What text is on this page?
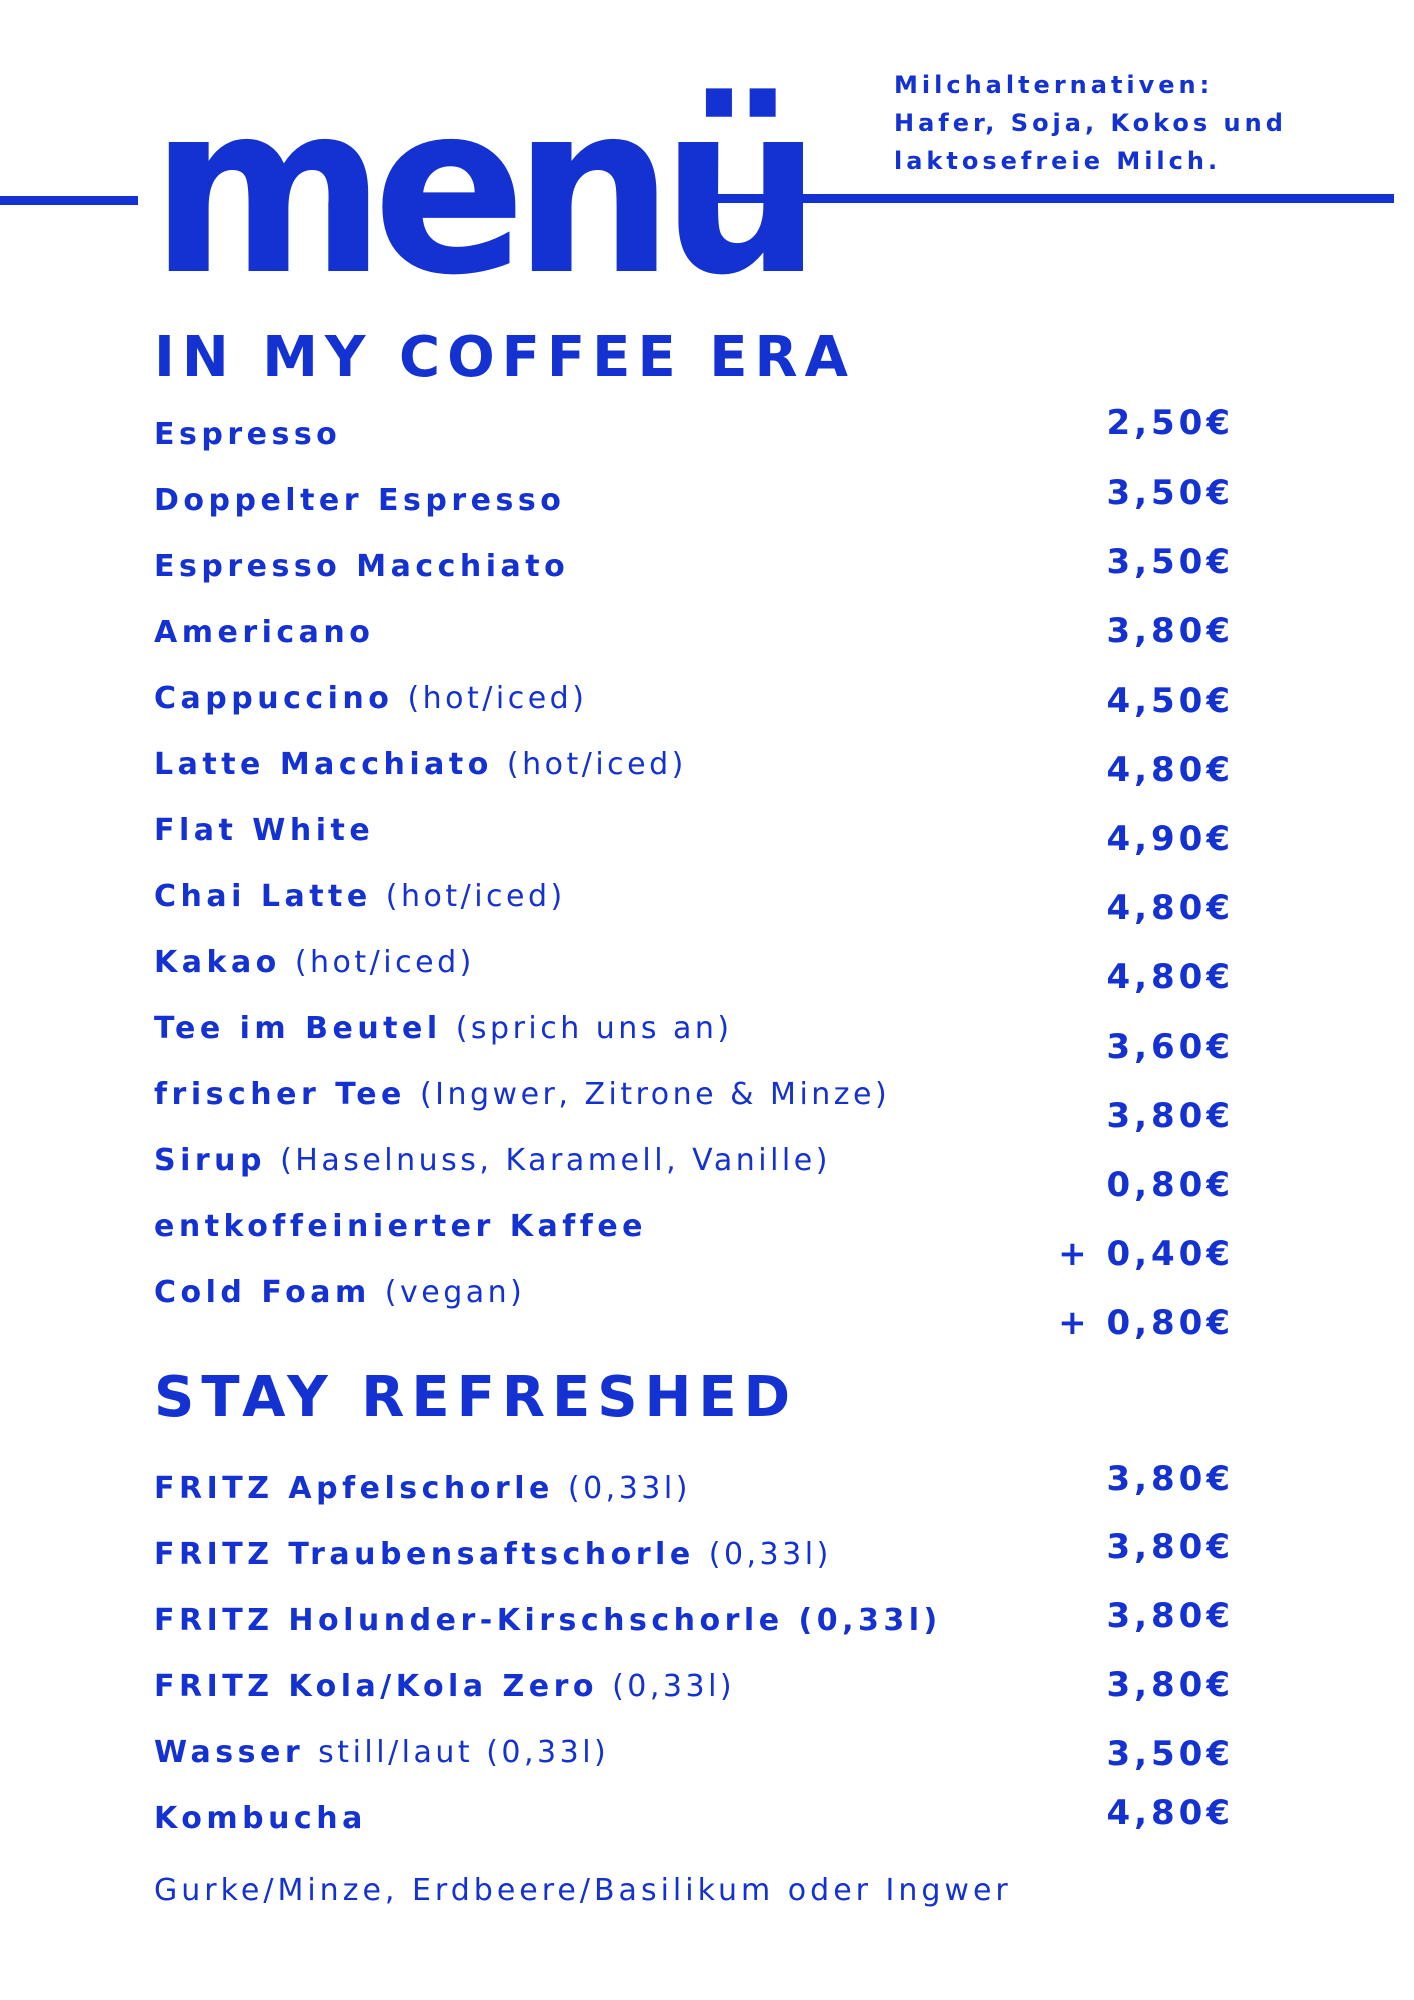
menü	Milchalternativen:
Hafer, Soja, Kokos und
laktosefreie Milch.
IN MY COFFEE ERA
Espresso
Doppelter Espresso
Espresso Macchiato
Americano
Cappuccino (hot/iced)
Latte Macchiato (hot/iced)
Flat White
Chai Latte (hot/iced)
Kakao (hot/iced)
Tee im Beutel (sprich uns an)
frischer Tee (Ingwer, Zitrone & Minze)
Sirup (Haselnuss, Karamell, Vanille)
entkoffeinierter Kaffee
Cold Foam (vegan)
2,50€
3,50€
3,50€
3,80€
4,50€
4,80€
4,90€
4,80€
4,80€
3,60€
3,80€
0,80€
+ 0,40€
+ 0,80€
STAY REFRESHED
FRITZ Apfelschorle (0,33l)
FRITZ Traubensaftschorle (0,33l)
FRITZ Holunder-Kirschschorle (0,33l)
FRITZ Kola/Kola Zero (0,33l)
Wasser still/laut (0,33l)
Kombucha
3,80€
3,80€
3,80€
3,80€
3,50€
4,80€
Gurke/Minze, Erdbeere/Basilikum oder Ingwer
